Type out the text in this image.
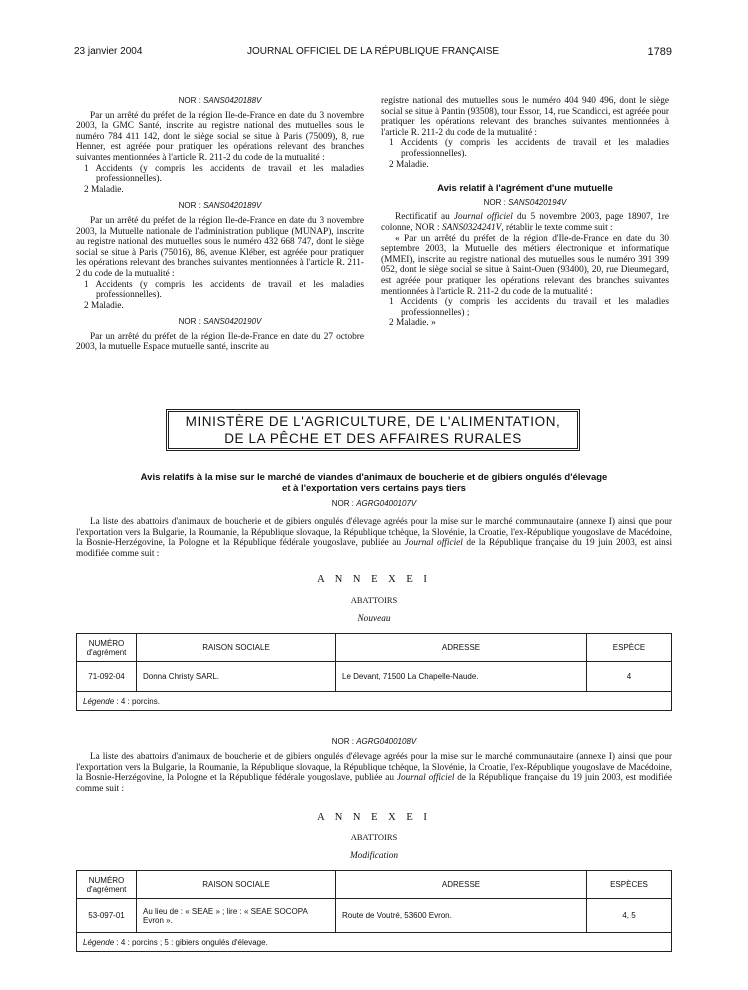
23 janvier 2004	JOURNAL OFFICIEL DE LA RÉPUBLIQUE FRANÇAISE	1789

NOR : SANS0420188V

Par un arrêté du préfet de la région Ile-de-France en date du 3 novembre 2003, la GMC Santé, inscrite au registre national des mutuelles sous le numéro 784 411 142, dont le siège social se situe à Paris (75009), 8, rue Henner, est agréée pour pratiquer les opérations relevant des branches suivantes mentionnées à l'article R. 211-2 du code de la mutualité :

1 Accidents (y compris les accidents de travail et les maladies professionnelles).

2 Maladie.

NOR : SANS0420189V

Par un arrêté du préfet de la région Ile-de-France en date du 3 novembre 2003, la Mutuelle nationale de l'administration publique (MUNAP), inscrite au registre national des mutuelles sous le numéro 432 668 747, dont le siège social se situe à Paris (75016), 86, avenue Kléber, est agréée pour pratiquer les opérations relevant des branches suivantes mentionnées à l'article R. 211-2 du code de la mutualité :

1 Accidents (y compris les accidents de travail et les maladies professionnelles).

2 Maladie.

NOR : SANS0420190V

Par un arrêté du préfet de la région Ile-de-France en date du 27 octobre 2003, la mutuelle Espace mutuelle santé, inscrite au

registre national des mutuelles sous le numéro 404 940 496, dont le siège social se situe à Pantin (93508), tour Essor, 14, rue Scandicci, est agréée pour pratiquer les opérations relevant des branches suivantes mentionnées à l'article R. 211-2 du code de la mutualité :

1 Accidents (y compris les accidents de travail et les maladies professionnelles).

2 Maladie.

Avis relatif à l'agrément d'une mutuelle

NOR : SANS0420194V

Rectificatif au Journal officiel du 5 novembre 2003, page 18907, 1re colonne, NOR : SANS0324241V, rétablir le texte comme suit :

« Par un arrêté du préfet de la région d'Ile-de-France en date du 30 septembre 2003, la Mutuelle des métiers électronique et informatique (MMEI), inscrite au registre national des mutuelles sous le numéro 391 399 052, dont le siège social se situe à Saint-Ouen (93400), 20, rue Dieumegard, est agréée pour pratiquer les opérations relevant des branches suivantes mentionnées à l'article R. 211-2 du code de la mutualité :

1 Accidents (y compris les accidents du travail et les maladies professionnelles) ;

2 Maladie. »

MINISTÈRE DE L'AGRICULTURE, DE L'ALIMENTATION,
DE LA PÊCHE ET DES AFFAIRES RURALES
Avis relatifs à la mise sur le marché de viandes d'animaux de boucherie et de gibiers ongulés d'élevage
et à l'exportation vers certains pays tiers
NOR : AGRG0400107V

La liste des abattoirs d'animaux de boucherie et de gibiers ongulés d'élevage agréés pour la mise sur le marché communautaire (annexe I) ainsi que pour l'exportation vers la Bulgarie, la Roumanie, la République slovaque, la République tchèque, la Slovénie, la Croatie, l'ex-République yougoslave de Macédoine, la Bosnie-Herzégovine, la Pologne et la République fédérale yougoslave, publiée au Journal officiel de la République française du 19 juin 2003, est ainsi modifiée comme suit :

A N N E X E I
ABATTOIRS
Nouveau
NUMÉRO d'agrément	RAISON SOCIALE	ADRESSE	ESPÈCE
71-092-04	Donna Christy SARL.	Le Devant, 71500 La Chapelle-Naude.	4
Légende : 4 : porcins.			
NOR : AGRG0400108V

La liste des abattoirs d'animaux de boucherie et de gibiers ongulés d'élevage agréés pour la mise sur le marché communautaire (annexe I) ainsi que pour l'exportation vers la Bulgarie, la Roumanie, la République slovaque, la République tchèque, la Slovénie, la Croatie, l'ex-République yougoslave de Macédoine, la Bosnie-Herzégovine, la Pologne et la République fédérale yougoslave, publiée au Journal officiel de la République française du 19 juin 2003, est modifiée comme suit :

A N N E X E I
ABATTOIRS
Modification
NUMÉRO d'agrément	RAISON SOCIALE	ADRESSE	ESPÈCES
53-097-01	Au lieu de : « SEAE » ; lire : « SEAE SOCOPA Evron ».	Route de Voutré, 53600 Evron.	4, 5
Légende : 4 : porcins ; 5 : gibiers ongulés d'élevage.			
